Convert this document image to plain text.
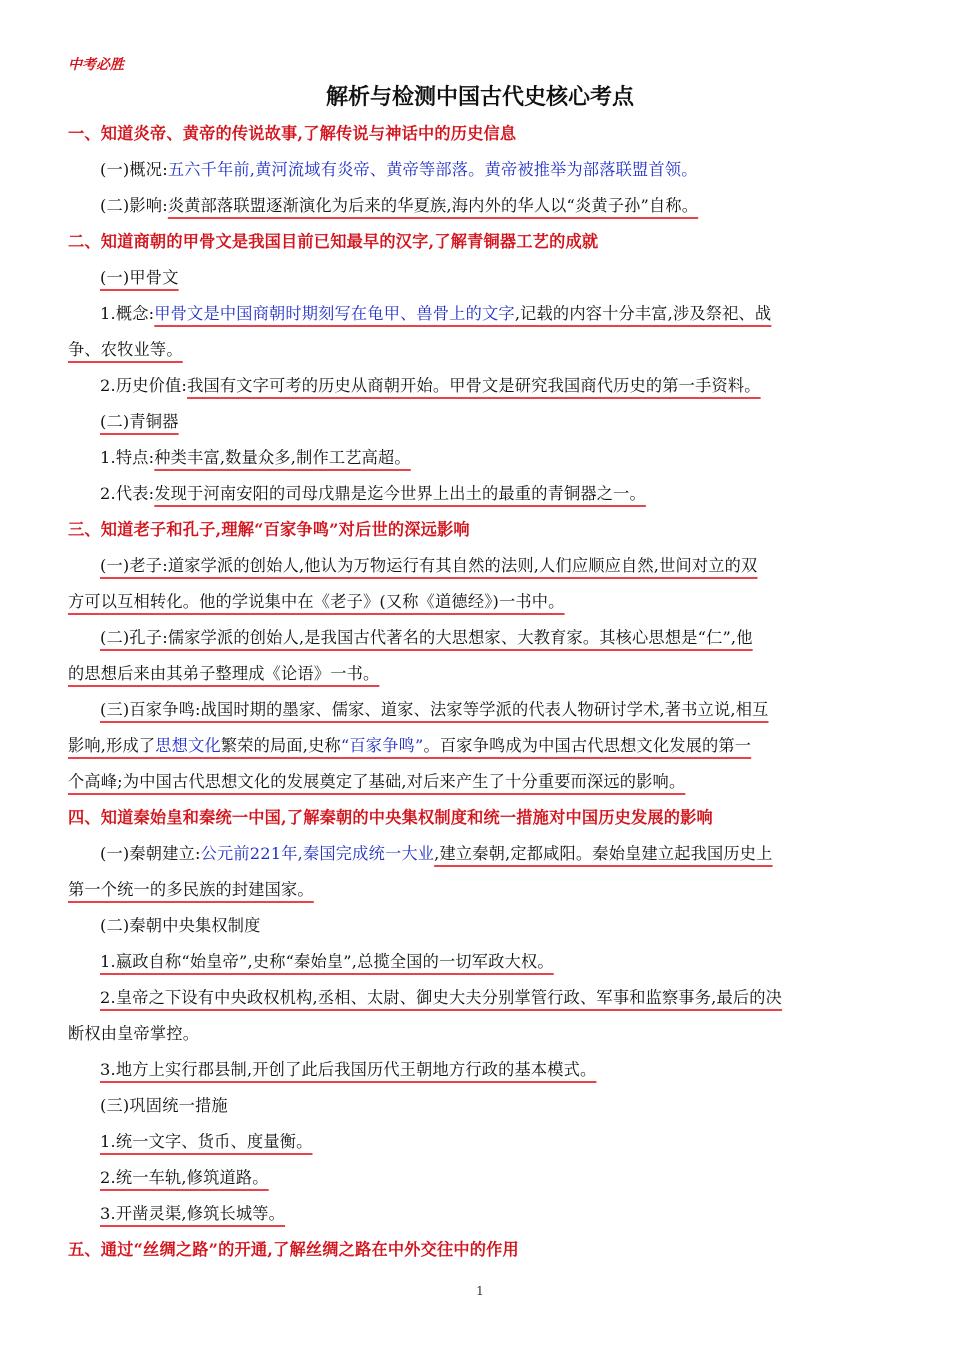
中考必胜
解析与检测中国古代史核心考点
一、知道炎帝、黄帝的传说故事,了解传说与神话中的历史信息
(一)概况:五六千年前,黄河流域有炎帝、黄帝等部落。黄帝被推举为部落联盟首领。
(二)影响:炎黄部落联盟逐渐演化为后来的华夏族,海内外的华人以“炎黄子孙”自称。
二、知道商朝的甲骨文是我国目前已知最早的汉字,了解青铜器工艺的成就
(一)甲骨文
1.概念:甲骨文是中国商朝时期刻写在龟甲、兽骨上的文字,记载的内容十分丰富,涉及祭祀、战
争、农牧业等。
2.历史价值:我国有文字可考的历史从商朝开始。甲骨文是研究我国商代历史的第一手资料。
(二)青铜器
1.特点:种类丰富,数量众多,制作工艺高超。
2.代表:发现于河南安阳的司母戊鼎是迄今世界上出土的最重的青铜器之一。
三、知道老子和孔子,理解“百家争鸣”对后世的深远影响
(一)老子:道家学派的创始人,他认为万物运行有其自然的法则,人们应顺应自然,世间对立的双
方可以互相转化。他的学说集中在《老子》(又称《道德经》)一书中。
(二)孔子:儒家学派的创始人,是我国古代著名的大思想家、大教育家。其核心思想是“仁”,他
的思想后来由其弟子整理成《论语》一书。
(三)百家争鸣:战国时期的墨家、儒家、道家、法家等学派的代表人物研讨学术,著书立说,相互
影响,形成了思想文化繁荣的局面,史称“百家争鸣”。百家争鸣成为中国古代思想文化发展的第一
个高峰;为中国古代思想文化的发展奠定了基础,对后来产生了十分重要而深远的影响。
四、知道秦始皇和秦统一中国,了解秦朝的中央集权制度和统一措施对中国历史发展的影响
(一)秦朝建立:公元前221年,秦国完成统一大业,建立秦朝,定都咸阳。秦始皇建立起我国历史上
第一个统一的多民族的封建国家。
(二)秦朝中央集权制度
1.嬴政自称“始皇帝”,史称“秦始皇”,总揽全国的一切军政大权。
2.皇帝之下设有中央政权机构,丞相、太尉、御史大夫分别掌管行政、军事和监察事务,最后的决
断权由皇帝掌控。
3.地方上实行郡县制,开创了此后我国历代王朝地方行政的基本模式。
(三)巩固统一措施
1.统一文字、货币、度量衡。
2.统一车轨,修筑道路。
3.开凿灵渠,修筑长城等。
五、通过“丝绸之路”的开通,了解丝绸之路在中外交往中的作用
1
